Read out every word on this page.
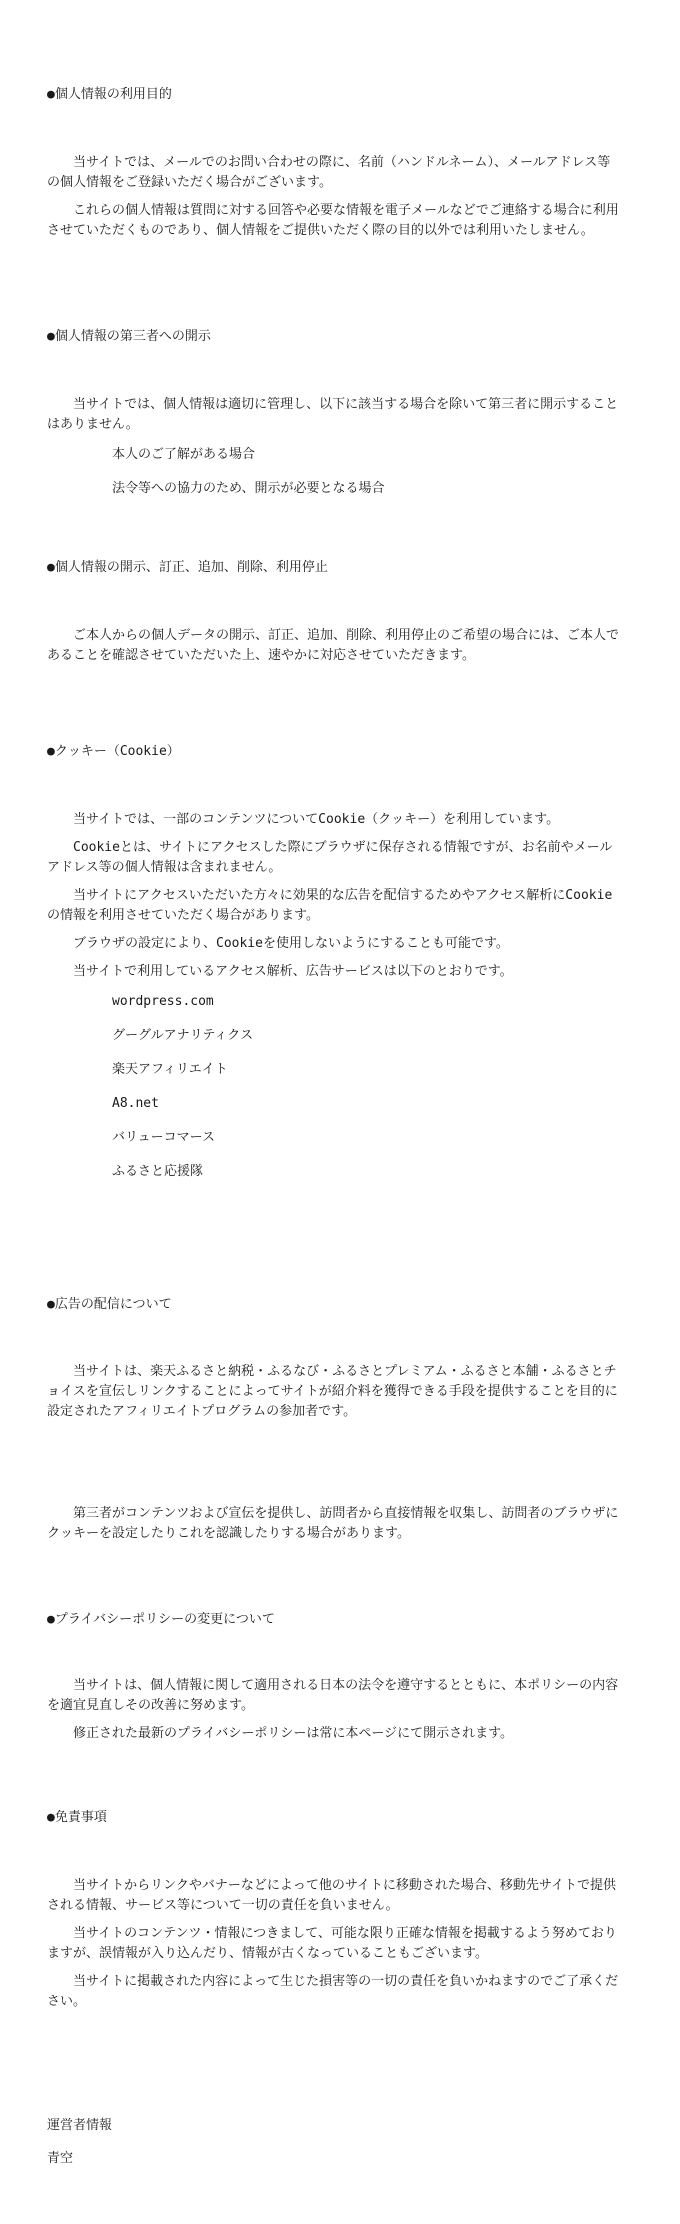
●個人情報の利用目的

当サイトでは、メールでのお問い合わせの際に、名前（ハンドルネーム）、メールアドレス等の個人情報をご登録いただく場合がございます。

これらの個人情報は質問に対する回答や必要な情報を電子メールなどでご連絡する場合に利用させていただくものであり、個人情報をご提供いただく際の目的以外では利用いたしません。

●個人情報の第三者への開示

当サイトでは、個人情報は適切に管理し、以下に該当する場合を除いて第三者に開示することはありません。

本人のご了解がある場合
法令等への協力のため、開示が必要となる場合
●個人情報の開示、訂正、追加、削除、利用停止

ご本人からの個人データの開示、訂正、追加、削除、利用停止のご希望の場合には、ご本人であることを確認させていただいた上、速やかに対応させていただきます。

●クッキー（Cookie）

当サイトでは、一部のコンテンツについてCookie（クッキー）を利用しています。

Cookieとは、サイトにアクセスした際にブラウザに保存される情報ですが、お名前やメールアドレス等の個人情報は含まれません。

当サイトにアクセスいただいた方々に効果的な広告を配信するためやアクセス解析にCookieの情報を利用させていただく場合があります。

ブラウザの設定により、Cookieを使用しないようにすることも可能です。

当サイトで利用しているアクセス解析、広告サービスは以下のとおりです。

wordpress.com
グーグルアナリティクス
楽天アフィリエイト
A8.net
バリューコマース
ふるさと応援隊
●広告の配信について

当サイトは、楽天ふるさと納税・ふるなび・ふるさとプレミアム・ふるさと本舗・ふるさとチョイスを宣伝しリンクすることによってサイトが紹介料を獲得できる手段を提供することを目的に設定されたアフィリエイトプログラムの参加者です。

第三者がコンテンツおよび宣伝を提供し、訪問者から直接情報を収集し、訪問者のブラウザにクッキーを設定したりこれを認識したりする場合があります。

●プライバシーポリシーの変更について

当サイトは、個人情報に関して適用される日本の法令を遵守するとともに、本ポリシーの内容を適宜見直しその改善に努めます。

修正された最新のプライバシーポリシーは常に本ページにて開示されます。

●免責事項

当サイトからリンクやバナーなどによって他のサイトに移動された場合、移動先サイトで提供される情報、サービス等について一切の責任を負いません。

当サイトのコンテンツ・情報につきまして、可能な限り正確な情報を掲載するよう努めておりますが、誤情報が入り込んだり、情報が古くなっていることもございます。

当サイトに掲載された内容によって生じた損害等の一切の責任を負いかねますのでご了承ください。

運営者情報

青空
